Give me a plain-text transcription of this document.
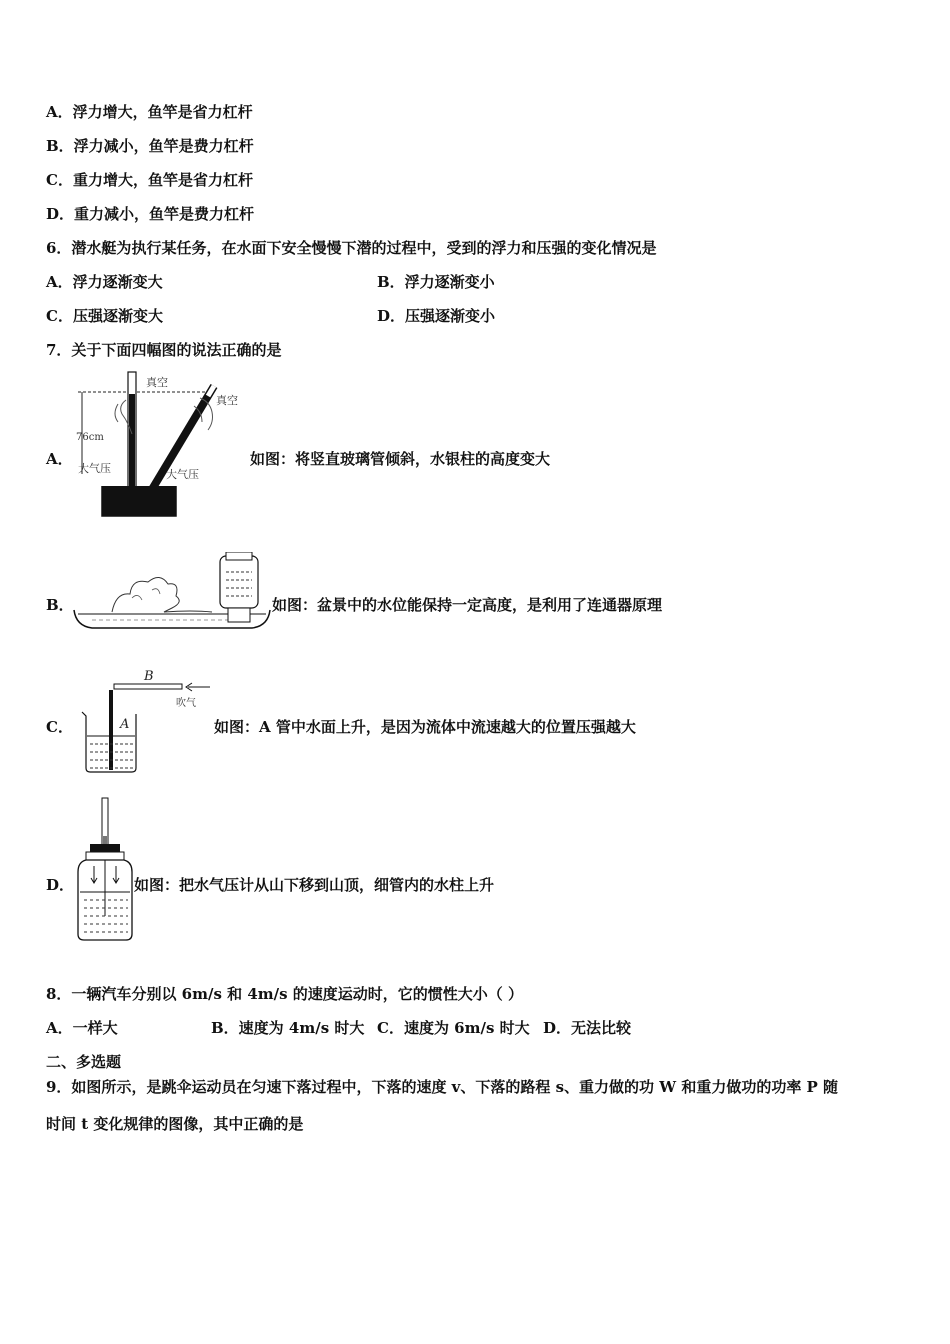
A．浮力增大，鱼竿是省力杠杆
B．浮力减小，鱼竿是费力杠杆
C．重力增大，鱼竿是省力杠杆
D．重力减小，鱼竿是费力杠杆
6．潜水艇为执行某任务，在水面下安全慢慢下潜的过程中，受到的浮力和压强的变化情况是
A．浮力逐渐变大	B．浮力逐渐变小
C．压强逐渐变大	D．压强逐渐变小
7．关于下面四幅图的说法正确的是
A．
真空
真空
76cm
大气压	大气压
如图：将竖直玻璃管倾斜，水银柱的高度变大
B．	如图：盆景中的水位能保持一定高度，是利用了连通器原理
C．
B
吹气
A	如图：A 管中水面上升，是因为流体中流速越大的位置压强越大
D．	如图：把水气压计从山下移到山顶，细管内的水柱上升
8．一辆汽车分别以 6m/s 和 4m/s 的速度运动时，它的惯性大小（ ）
A．一样大	B．速度为 4m/s 时大 C．速度为 6m/s 时大 D．无法比较
二、多选题
9．如图所示，是跳伞运动员在匀速下落过程中，下落的速度 v、下落的路程 s、重力做的功 W 和重力做功的功率 P 随
时间 t 变化规律的图像，其中正确的是
